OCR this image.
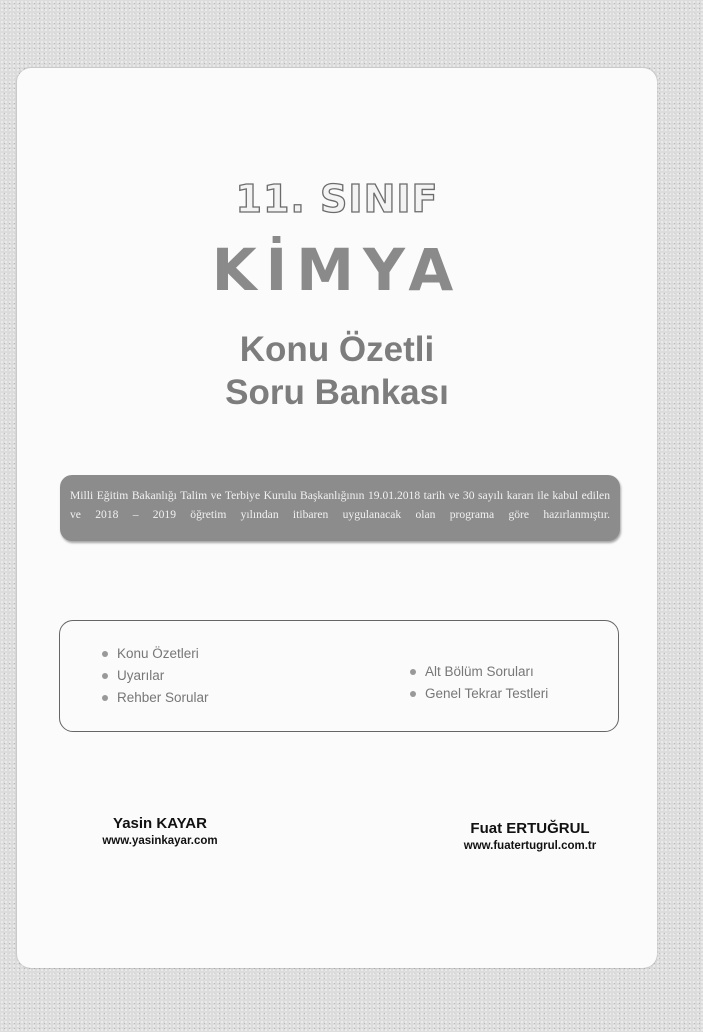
11. SINIF
KİMYA
Konu Özetli
Soru Bankası
Milli Eğitim Bakanlığı Talim ve Terbiye Kurulu Başkanlığının 19.01.2018 tarih ve 30 sayılı kararı ile kabul edilen ve 2018 – 2019 öğretim yılından itibaren uygulanacak olan programa göre hazırlanmıştır.
Konu Özetleri
Uyarılar
Rehber Sorular
Alt Bölüm Soruları
Genel Tekrar Testleri
Yasin KAYAR
www.yasinkayar.com
Fuat ERTUĞRUL
www.fuatertugrul.com.tr
